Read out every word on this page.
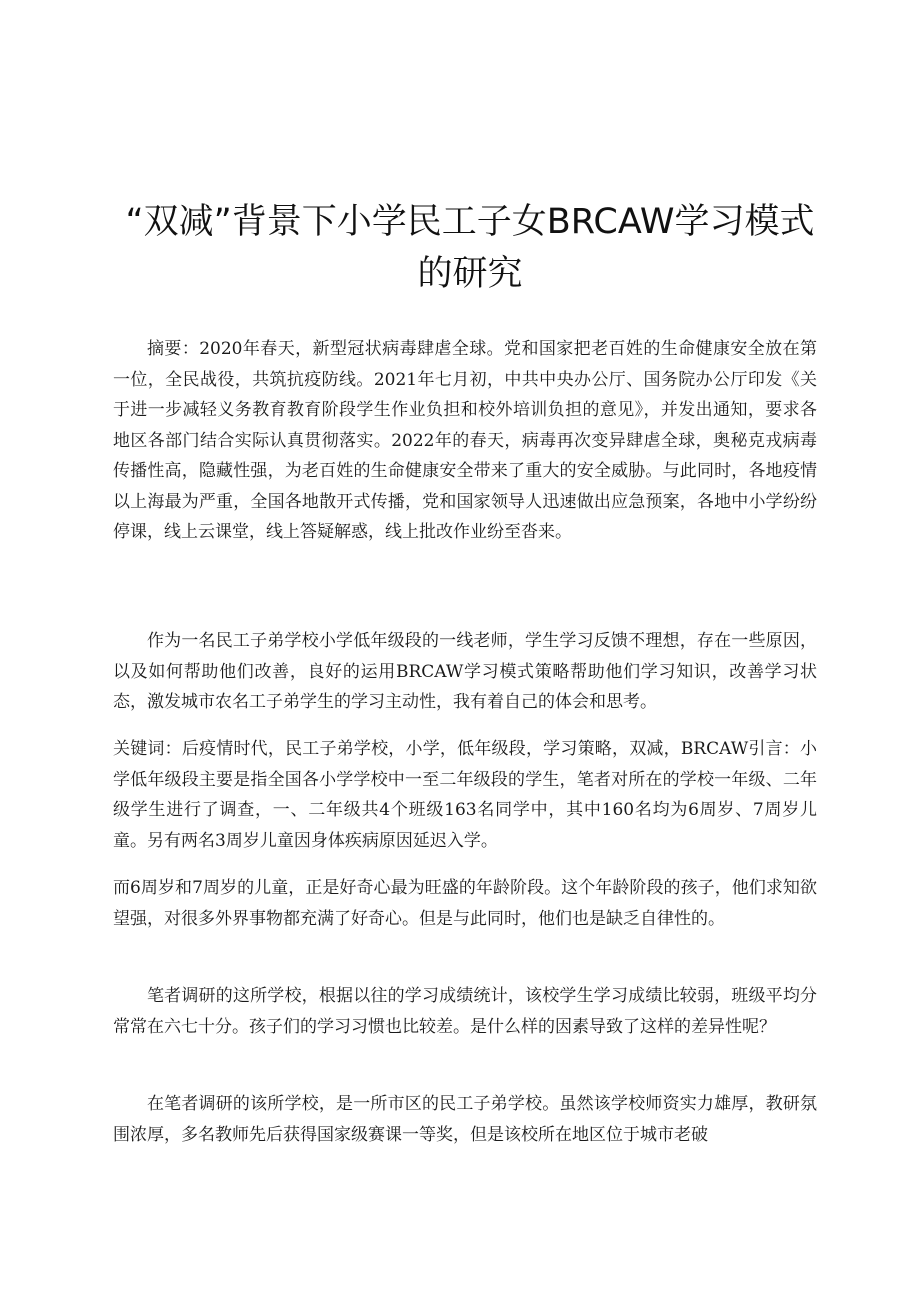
“双减”背景下小学民工子女BRCAW学习模式的研究

摘要：2020年春天，新型冠状病毒肆虐全球。党和国家把老百姓的生命健康安全放在第一位，全民战役，共筑抗疫防线。2021年七月初，中共中央办公厅、国务院办公厅印发《关于进一步减轻义务教育教育阶段学生作业负担和校外培训负担的意见》，并发出通知，要求各地区各部门结合实际认真贯彻落实。2022年的春天，病毒再次变异肆虐全球，奥秘克戎病毒传播性高，隐藏性强，为老百姓的生命健康安全带来了重大的安全威胁。与此同时，各地疫情以上海最为严重，全国各地散开式传播，党和国家领导人迅速做出应急预案，各地中小学纷纷停课，线上云课堂，线上答疑解惑，线上批改作业纷至沓来。

作为一名民工子弟学校小学低年级段的一线老师，学生学习反馈不理想，存在一些原因，以及如何帮助他们改善，良好的运用BRCAW学习模式策略帮助他们学习知识，改善学习状态，激发城市农名工子弟学生的学习主动性，我有着自己的体会和思考。

关键词：后疫情时代，民工子弟学校，小学，低年级段，学习策略，双减，BRCAW引言：小学低年级段主要是指全国各小学学校中一至二年级段的学生，笔者对所在的学校一年级、二年级学生进行了调查，一、二年级共4个班级163名同学中，其中160名均为6周岁、7周岁儿童。另有两名3周岁儿童因身体疾病原因延迟入学。

而6周岁和7周岁的儿童，正是好奇心最为旺盛的年龄阶段。这个年龄阶段的孩子，他们求知欲望强，对很多外界事物都充满了好奇心。但是与此同时，他们也是缺乏自律性的。

笔者调研的这所学校，根据以往的学习成绩统计，该校学生学习成绩比较弱，班级平均分常常在六七十分。孩子们的学习习惯也比较差。是什么样的因素导致了这样的差异性呢？

在笔者调研的该所学校，是一所市区的民工子弟学校。虽然该学校师资实力雄厚，教研氛围浓厚，多名教师先后获得国家级赛课一等奖，但是该校所在地区位于城市老破
